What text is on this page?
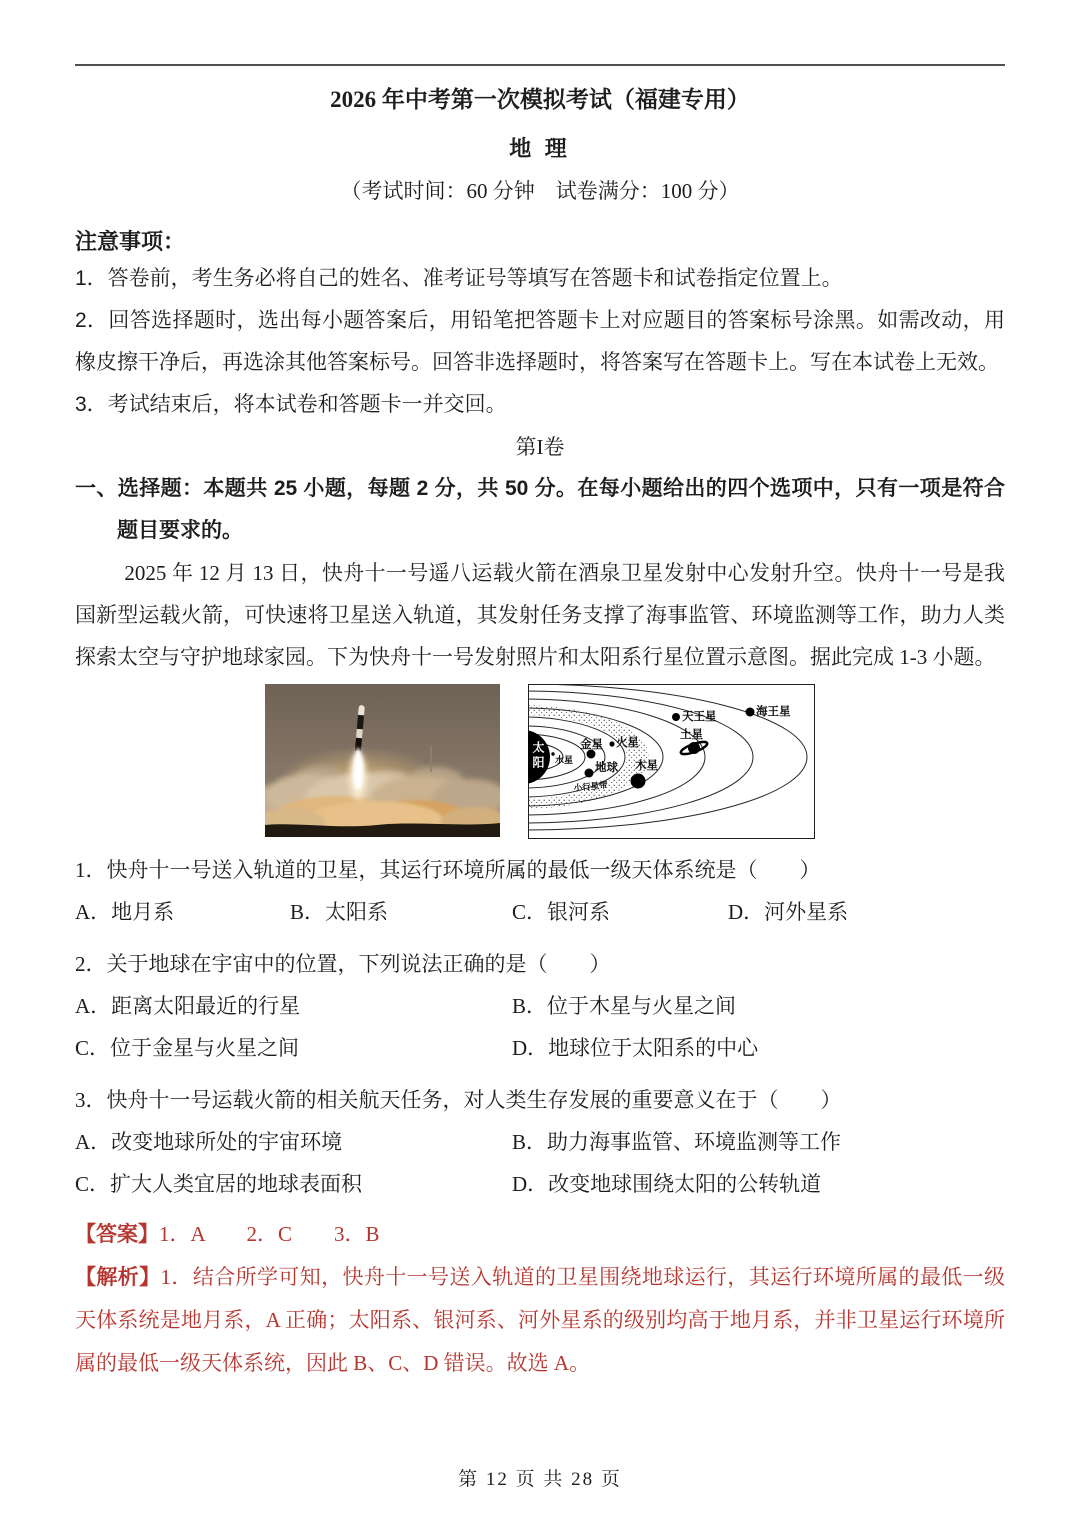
2026 年中考第一次模拟考试（福建专用）
地 理
（考试时间：60 分钟　试卷满分：100 分）
注意事项：

1．答卷前，考生务必将自己的姓名、准考证号等填写在答题卡和试卷指定位置上。

2．回答选择题时，选出每小题答案后，用铅笔把答题卡上对应题目的答案标号涂黑。如需改动，用橡皮擦干净后，再选涂其他答案标号。回答非选择题时，将答案写在答题卡上。写在本试卷上无效。

3．考试结束后，将本试卷和答题卡一并交回。

第I卷

一、选择题：本题共 25 小题，每题 2 分，共 50 分。在每小题给出的四个选项中，只有一项是符合题目要求的。

2025 年 12 月 13 日，快舟十一号遥八运载火箭在酒泉卫星发射中心发射升空。快舟十一号是我国新型运载火箭，可快速将卫星送入轨道，其发射任务支撑了海事监管、环境监测等工作，助力人类探索太空与守护地球家园。下为快舟十一号发射照片和太阳系行星位置示意图。据此完成 1-3 小题。

水星
金星
地球
火星
木星
土星
天王星	海王星
小行星带
太阳

1．快舟十一号送入轨道的卫星，其运行环境所属的最低一级天体系统是（　　）

A． 地月系	B． 太阳系	C． 银河系	D． 河外星系

2．关于地球在宇宙中的位置，下列说法正确的是（　　）

A． 距离太阳最近的行星	B． 位于木星与火星之间
C． 位于金星与火星之间	D． 地球位于太阳系的中心

3．快舟十一号运载火箭的相关航天任务，对人类生存发展的重要意义在于（　　）

A． 改变地球所处的宇宙环境	B． 助力海事监管、环境监测等工作
C． 扩大人类宜居的地球表面积	D． 改变地球围绕太阳的公转轨道

【答案】1．A　　2．C　　3．B

【解析】1．结合所学可知，快舟十一号送入轨道的卫星围绕地球运行，其运行环境所属的最低一级天体系统是地月系，A 正确；太阳系、银河系、河外星系的级别均高于地月系，并非卫星运行环境所属的最低一级天体系统，因此 B、C、D 错误。故选 A。

第 12 页 共 28 页
